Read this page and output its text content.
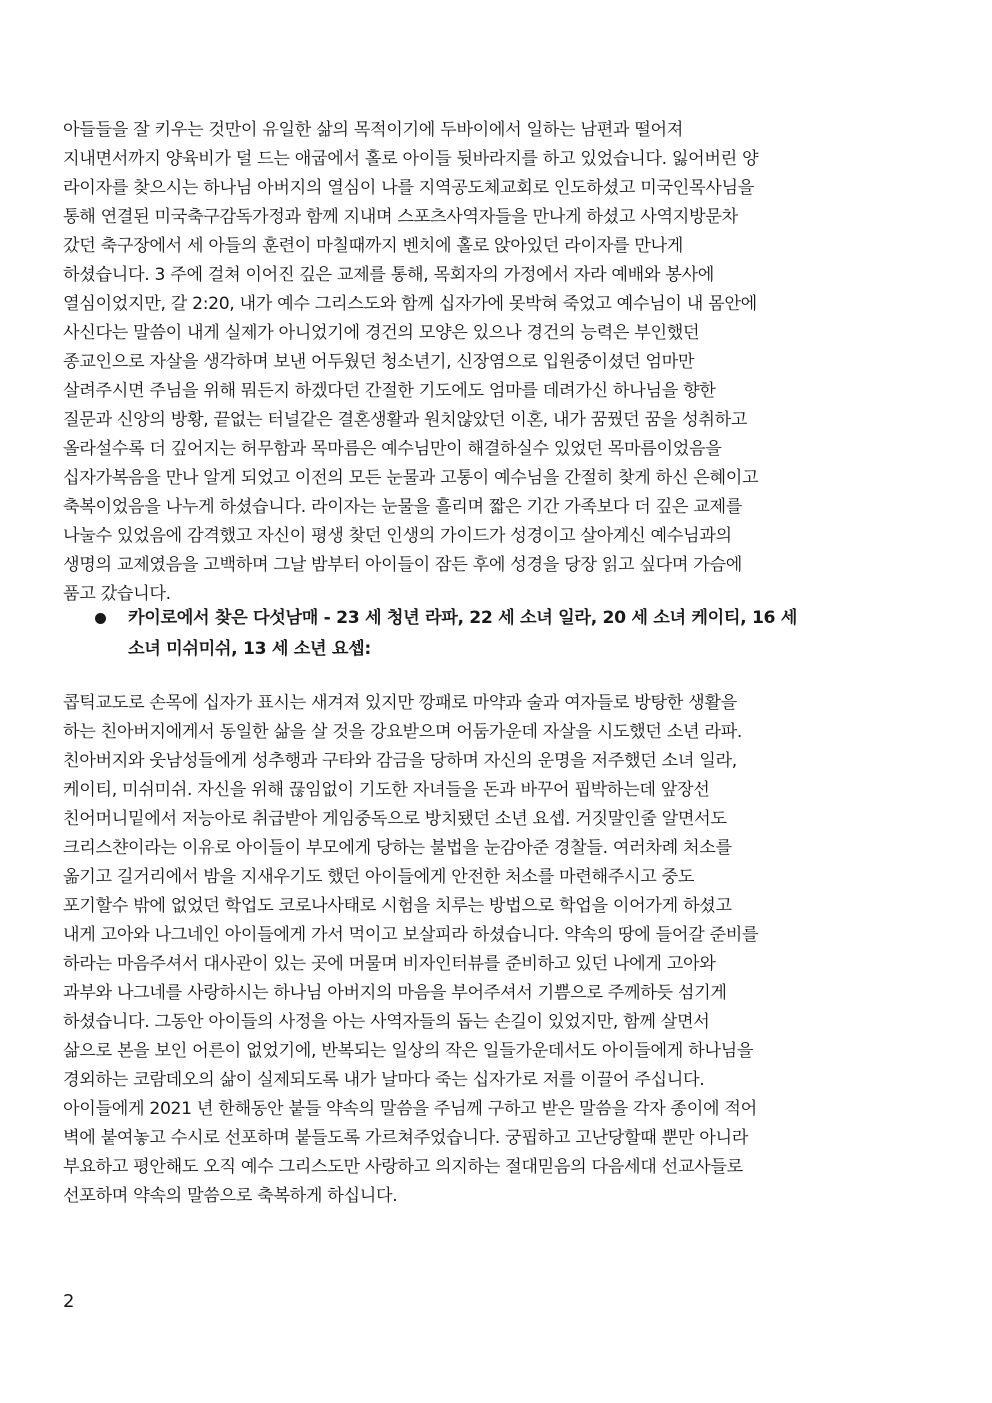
아들들을 잘 키우는 것만이 유일한 삶의 목적이기에 두바이에서 일하는 남편과 떨어져
지내면서까지 양육비가 덜 드는 애굽에서 홀로 아이들 뒷바라지를 하고 있었습니다. 잃어버린 양
라이자를 찾으시는 하나님 아버지의 열심이 나를 지역공도체교회로 인도하셨고 미국인목사님을
통해 연결된 미국축구감독가정과 함께 지내며 스포츠사역자들을 만나게 하셨고 사역지방문차
갔던 축구장에서 세 아들의 훈련이 마칠때까지 벤치에 홀로 앉아있던 라이자를 만나게
하셨습니다. 3 주에 걸쳐 이어진 깊은 교제를 통해, 목회자의 가정에서 자라 예배와 봉사에
열심이었지만, 갈 2:20, 내가 예수 그리스도와 함께 십자가에 못박혀 죽었고 예수님이 내 몸안에
사신다는 말씀이 내게 실제가 아니었기에 경건의 모양은 있으나 경건의 능력은 부인했던
종교인으로 자살을 생각하며 보낸 어두웠던 청소년기, 신장염으로 입원중이셨던 엄마만
살려주시면 주님을 위해 뭐든지 하겠다던 간절한 기도에도 엄마를 데려가신 하나님을 향한
질문과 신앙의 방황, 끝없는 터널같은 결혼생활과 원치않았던 이혼, 내가 꿈꿨던 꿈을 성취하고
올라설수록 더 깊어지는 허무함과 목마름은 예수님만이 해결하실수 있었던 목마름이었음을
십자가복음을 만나 알게 되었고 이전의 모든 눈물과 고통이 예수님을 간절히 찾게 하신 은혜이고
축복이었음을 나누게 하셨습니다. 라이자는 눈물을 흘리며 짧은 기간 가족보다 더 깊은 교제를
나눌수 있었음에 감격했고 자신이 평생 찾던 인생의 가이드가 성경이고 살아계신 예수님과의
생명의 교제였음을 고백하며 그날 밤부터 아이들이 잠든 후에 성경을 당장 읽고 싶다며 가슴에
품고 갔습니다.
카이로에서 찾은 다섯남매 - 23 세 청년 라파, 22 세 소녀 일라, 20 세 소녀 케이티, 16 세
소녀 미쉬미쉬, 13 세 소년 요셉:
콥틱교도로 손목에 십자가 표시는 새겨져 있지만 깡패로 마약과 술과 여자들로 방탕한 생활을
하는 친아버지에게서 동일한 삶을 살 것을 강요받으며 어둠가운데 자살을 시도했던 소년 라파.
친아버지와 웃남성들에게 성추행과 구타와 감금을 당하며 자신의 운명을 저주했던 소녀 일라,
케이티, 미쉬미쉬. 자신을 위해 끊임없이 기도한 자녀들을 돈과 바꾸어 핍박하는데 앞장선
친어머니밑에서 저능아로 취급받아 게임중독으로 방치됐던 소년 요셉. 거짓말인줄 알면서도
크리스챤이라는 이유로 아이들이 부모에게 당하는 불법을 눈감아준 경찰들. 여러차례 처소를
옮기고 길거리에서 밤을 지새우기도 했던 아이들에게 안전한 처소를 마련해주시고 중도
포기할수 밖에 없었던 학업도 코로나사태로 시험을 치루는 방법으로 학업을 이어가게 하셨고
내게 고아와 나그네인 아이들에게 가서 먹이고 보살피라 하셨습니다. 약속의 땅에 들어갈 준비를
하라는 마음주셔서 대사관이 있는 곳에 머물며 비자인터뷰를 준비하고 있던 나에게 고아와
과부와 나그네를 사랑하시는 하나님 아버지의 마음을 부어주셔서 기쁨으로 주께하듯 섬기게
하셨습니다. 그동안 아이들의 사정을 아는 사역자들의 돕는 손길이 있었지만, 함께 살면서
삶으로 본을 보인 어른이 없었기에, 반복되는 일상의 작은 일들가운데서도 아이들에게 하나님을
경외하는 코람데오의 삶이 실제되도록 내가 날마다 죽는 십자가로 저를 이끌어 주십니다.
아이들에게 2021 년 한해동안 붙들 약속의 말씀을 주님께 구하고 받은 말씀을 각자 종이에 적어
벽에 붙여놓고 수시로 선포하며 붙들도록 가르쳐주었습니다. 궁핍하고 고난당할때 뿐만 아니라
부요하고 평안해도 오직 예수 그리스도만 사랑하고 의지하는 절대믿음의 다음세대 선교사들로
선포하며 약속의 말씀으로 축복하게 하십니다.
2
